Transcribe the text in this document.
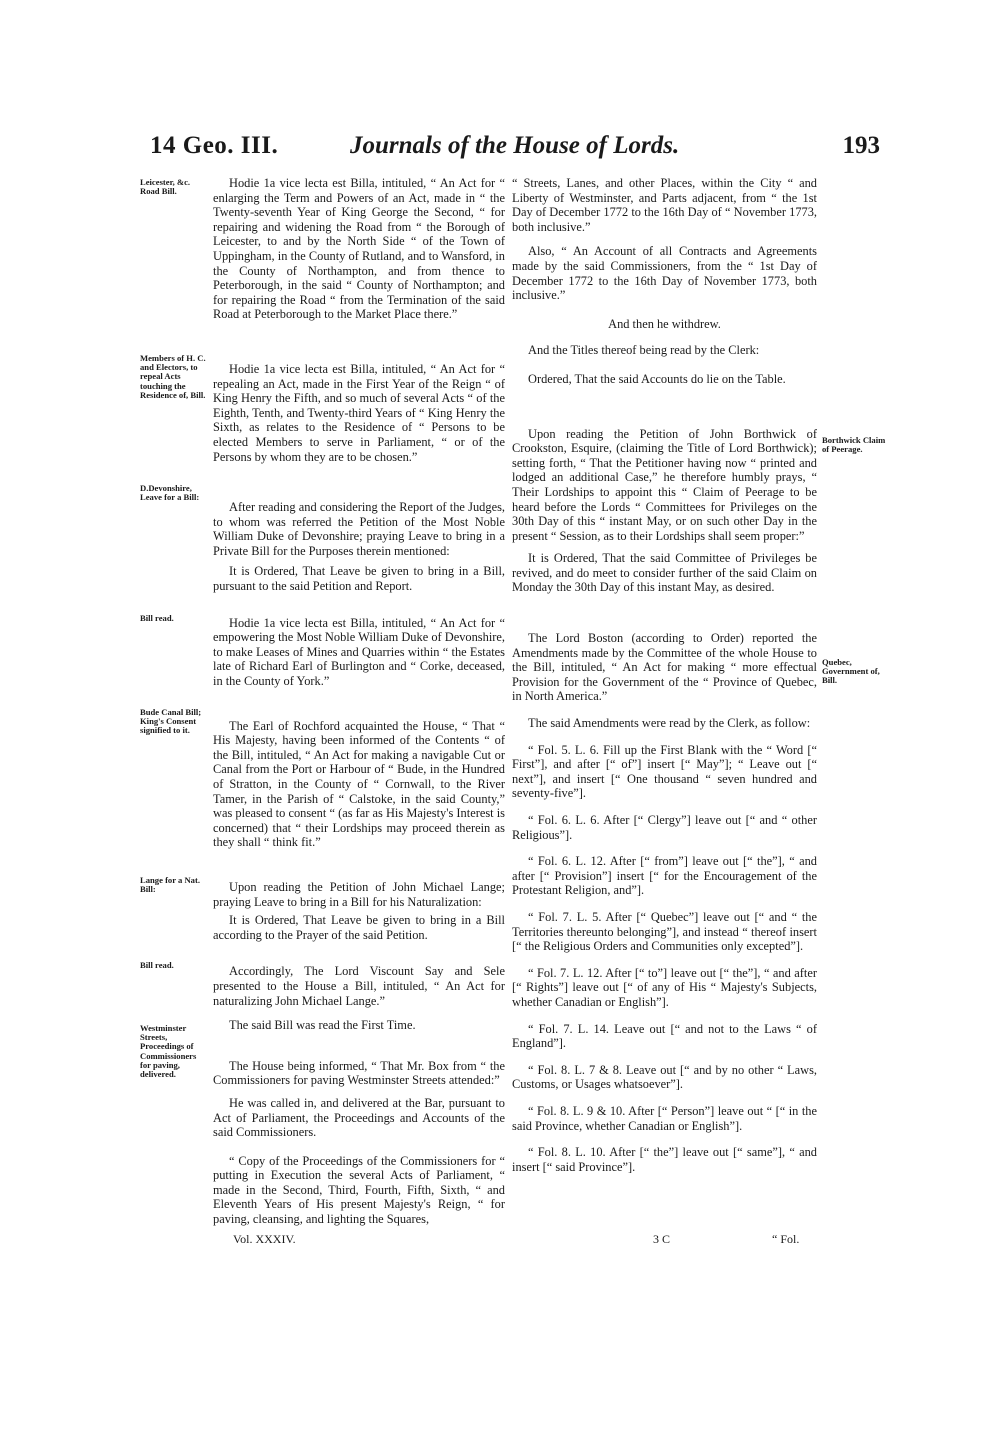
14 Geo. III.	Journals of the House of Lords.	193
Leicester, &c. Road Bill.
Members of H. C. and Electors, to repeal Acts touching the Residence of, Bill.
D.Devonshire, Leave for a Bill:
Bill read.
Bude Canal Bill; King's Consent signified to it.
Lange for a Nat. Bill:
Bill read.
Westminster Streets, Proceedings of Commissioners for paving, delivered.
Borthwick Claim of Peerage.
Quebec, Government of, Bill.

Hodie 1a vice lecta est Billa, intituled, “ An Act for “ enlarging the Term and Powers of an Act, made in “ the Twenty-seventh Year of King George the Second, “ for repairing and widening the Road from “ the Borough of Leicester, to and by the North Side “ of the Town of Uppingham, in the County of Rutland, and to Wansford, in the County of Northampton, and from thence to Peterborough, in the said “ County of Northampton; and for repairing the Road “ from the Termination of the said Road at Peterborough to the Market Place there.”

Hodie 1a vice lecta est Billa, intituled, “ An Act for “ repealing an Act, made in the First Year of the Reign “ of King Henry the Fifth, and so much of several Acts “ of the Eighth, Tenth, and Twenty-third Years of “ King Henry the Sixth, as relates to the Residence of “ Persons to be elected Members to serve in Parliament, “ or of the Persons by whom they are to be chosen.”

After reading and considering the Report of the Judges, to whom was referred the Petition of the Most Noble William Duke of Devonshire; praying Leave to bring in a Private Bill for the Purposes therein mentioned:

It is Ordered, That Leave be given to bring in a Bill, pursuant to the said Petition and Report.

Hodie 1a vice lecta est Billa, intituled, “ An Act for “ empowering the Most Noble William Duke of Devonshire, to make Leases of Mines and Quarries within “ the Estates late of Richard Earl of Burlington and “ Corke, deceased, in the County of York.”

The Earl of Rochford acquainted the House, “ That “ His Majesty, having been informed of the Contents “ of the Bill, intituled, “ An Act for making a navigable Cut or Canal from the Port or Harbour of “ Bude, in the Hundred of Stratton, in the County of “ Cornwall, to the River Tamer, in the Parish of “ Calstoke, in the said County,” was pleased to consent “ (as far as His Majesty's Interest is concerned) that “ their Lordships may proceed therein as they shall “ think fit.”

Upon reading the Petition of John Michael Lange; praying Leave to bring in a Bill for his Naturalization:

It is Ordered, That Leave be given to bring in a Bill according to the Prayer of the said Petition.

Accordingly, The Lord Viscount Say and Sele presented to the House a Bill, intituled, “ An Act for naturalizing John Michael Lange.”

The said Bill was read the First Time.

The House being informed, “ That Mr. Box from “ the Commissioners for paving Westminster Streets attended:”

He was called in, and delivered at the Bar, pursuant to Act of Parliament, the Proceedings and Accounts of the said Commissioners.

“ Copy of the Proceedings of the Commissioners for “ putting in Execution the several Acts of Parliament, “ made in the Second, Third, Fourth, Fifth, Sixth, “ and Eleventh Years of His present Majesty's Reign, “ for paving, cleansing, and lighting the Squares,

“ Streets, Lanes, and other Places, within the City “ and Liberty of Westminster, and Parts adjacent, from “ the 1st Day of December 1772 to the 16th Day of “ November 1773, both inclusive.”

Also, “ An Account of all Contracts and Agreements made by the said Commissioners, from the “ 1st Day of December 1772 to the 16th Day of November 1773, both inclusive.”

And then he withdrew.

And the Titles thereof being read by the Clerk:

Ordered, That the said Accounts do lie on the Table.

Upon reading the Petition of John Borthwick of Crookston, Esquire, (claiming the Title of Lord Borthwick); setting forth, “ That the Petitioner having now “ printed and lodged an additional Case,” he therefore humbly prays, “ Their Lordships to appoint this “ Claim of Peerage to be heard before the Lords “ Committees for Privileges on the 30th Day of this “ instant May, or on such other Day in the present “ Session, as to their Lordships shall seem proper:”

It is Ordered, That the said Committee of Privileges be revived, and do meet to consider further of the said Claim on Monday the 30th Day of this instant May, as desired.

The Lord Boston (according to Order) reported the Amendments made by the Committee of the whole House to the Bill, intituled, “ An Act for making “ more effectual Provision for the Government of the “ Province of Quebec, in North America.”

The said Amendments were read by the Clerk, as follow:

“ Fol. 5. L. 6. Fill up the First Blank with the “ Word [“ First”], and after [“ of”] insert [“ May”]; “ Leave out [“ next”], and insert [“ One thousand “ seven hundred and seventy-five”].

“ Fol. 6. L. 6. After [“ Clergy”] leave out [“ and “ other Religious”].

“ Fol. 6. L. 12. After [“ from”] leave out [“ the”], “ and after [“ Provision”] insert [“ for the Encouragement of the Protestant Religion, and”].

“ Fol. 7. L. 5. After [“ Quebec”] leave out [“ and “ the Territories thereunto belonging”], and instead “ thereof insert [“ the Religious Orders and Communities only excepted”].

“ Fol. 7. L. 12. After [“ to”] leave out [“ the”], “ and after [“ Rights”] leave out [“ of any of His “ Majesty's Subjects, whether Canadian or English”].

“ Fol. 7. L. 14. Leave out [“ and not to the Laws “ of England”].

“ Fol. 8. L. 7 & 8. Leave out [“ and by no other “ Laws, Customs, or Usages whatsoever”].

“ Fol. 8. L. 9 & 10. After [“ Person”] leave out “ [“ in the said Province, whether Canadian or English”].

“ Fol. 8. L. 10. After [“ the”] leave out [“ same”], “ and insert [“ said Province”].

Vol. XXXIV.	3 C	“ Fol.
